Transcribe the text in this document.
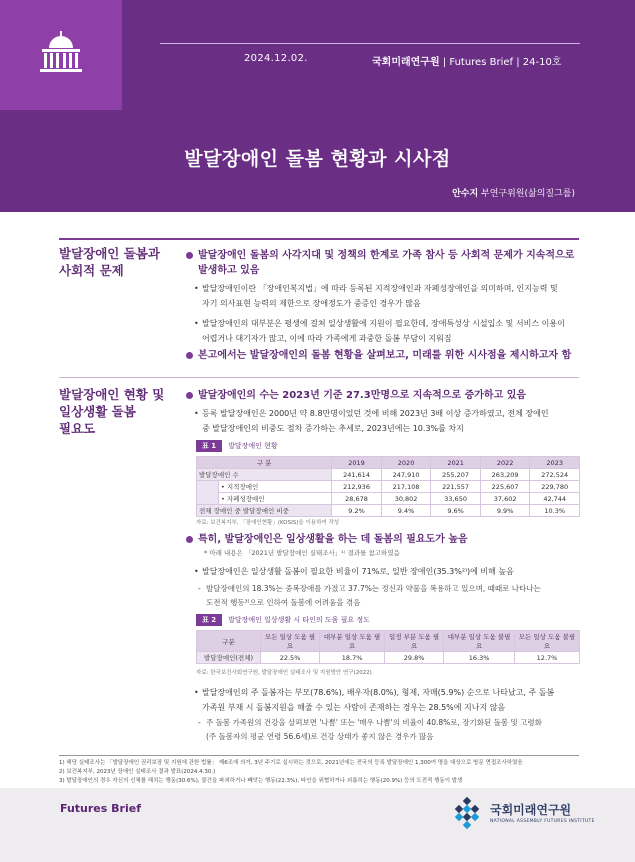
2024.12.02.	국회미래연구원 | Futures Brief | 24-10호
발달장애인 돌봄 현황과 시사점
안수지 부연구위원(삶의질그룹)
발달장애인 돌봄과
사회적 문제
발달장애인 돌봄의 사각지대 및 정책의 한계로 가족 참사 등 사회적 문제가 지속적으로
발생하고 있음
• 발달장애인이란 「장애인복지법」에 따라 등록된 지적장애인과 자폐성장애인을 의미하며, 인지능력 및
자기 의사표현 능력의 제한으로 장애정도가 중증인 경우가 많음
• 발달장애인의 대부분은 평생에 걸쳐 일상생활에 지원이 필요한데, 장애특성상 시설입소 및 서비스 이용이
어렵거나 대기자가 많고, 이에 따라 가족에게 과중한 돌봄 부담이 지워짐
본고에서는 발달장애인의 돌봄 현황을 살펴보고, 미래를 위한 시사점을 제시하고자 함
발달장애인 현황 및
일상생활 돌봄
필요도
발달장애인의 수는 2023년 기준 27.3만명으로 지속적으로 증가하고 있음
• 등록 발달장애인은 2000년 약 8.8만명이었던 것에 비해 2023년 3배 이상 증가하였고, 전체 장애인
중 발달장애인의 비중도 점차 증가하는 추세로, 2023년에는 10.3%를 차지
표 1 발달장애인 현황
구 분		2019	2020	2021	2022	2023
발달장애인 수		241,614	247,910	255,207	263,209	272,524
	• 지적장애인	212,936	217,108	221,557	225,607	229,780
	• 자폐성장애인	28,678	30,802	33,650	37,602	42,744
전체 장애인 중 발달장애인 비중		9.2%	9.4%	9.6%	9.9%	10.3%
자료: 보건복지부, 「장애인현황」(KOSIS)을 이용하여 작성
특히, 발달장애인은 일상생활을 하는 데 돌봄의 필요도가 높음
* 아래 내용은 「2021년 발달장애인 실태조사」¹⁾ 결과를 참고하였음
• 발달장애인은 일상생활 돌봄이 필요한 비율이 71%로, 일반 장애인(35.3%²⁾)에 비해 높음
- 발달장애인의 18.3%는 중복장애를 가졌고 37.7%는 정신과 약물을 복용하고 있으며, 때때로 나타나는
도전적 행동³⁾으로 인하여 돌봄에 어려움을 겪음
표 2 발달장애인 일상생활 시 타인의 도움 필요 정도
구분	모든 일상 도움 필요	대부분 일상 도움 필요	일정 부분 도움 필요	대부분 일상 도움 불필요	모든 일상 도움 불필요
발달장애인(전체)	22.5%	18.7%	29.8%	16.3%	12.7%
자료: 한국보건사회연구원, 발달장애인 실태조사 및 지원방안 연구(2022)
• 발달장애인의 주 돌봄자는 부모(78.6%), 배우자(8.0%), 형제, 자매(5.9%) 순으로 나타났고, 주 돌봄
가족원 부재 시 돌봄지원을 해줄 수 있는 사람이 존재하는 경우는 28.5%에 지나지 않음
- 주 돌봄 가족원의 건강을 살펴보면 '나쁨' 또는 '매우 나쁨'의 비율이 40.8%로, 장기화된 돌봄 및 고령화
(주 돌봄자의 평균 연령 56.6세)로 건강 상태가 좋지 않은 경우가 많음
1) 해당 실태조사는 「발달장애인 권리보장 및 지원에 관한 법률」 제6조에 의거, 3년 주기로 실시하는 것으로, 2021년에는 전국의 등록 발달장애인 1,300여 명을 대상으로 방문 면접조사하였음
2) 보건복지부, 2023년 장애인 실태조사 결과 발표(2024.4.30.)
3) 발달장애인의 경우 자신의 신체를 해치는 행동(30.6%), 물건을 파괴하거나 빼앗는 행동(22.3%), 타인을 위협하거나 괴롭히는 행동(20.9%) 등의 도전적 행동이 발생
Futures Brief	국회미래연구원
NATIONAL ASSEMBLY FUTURES INSTITUTE
